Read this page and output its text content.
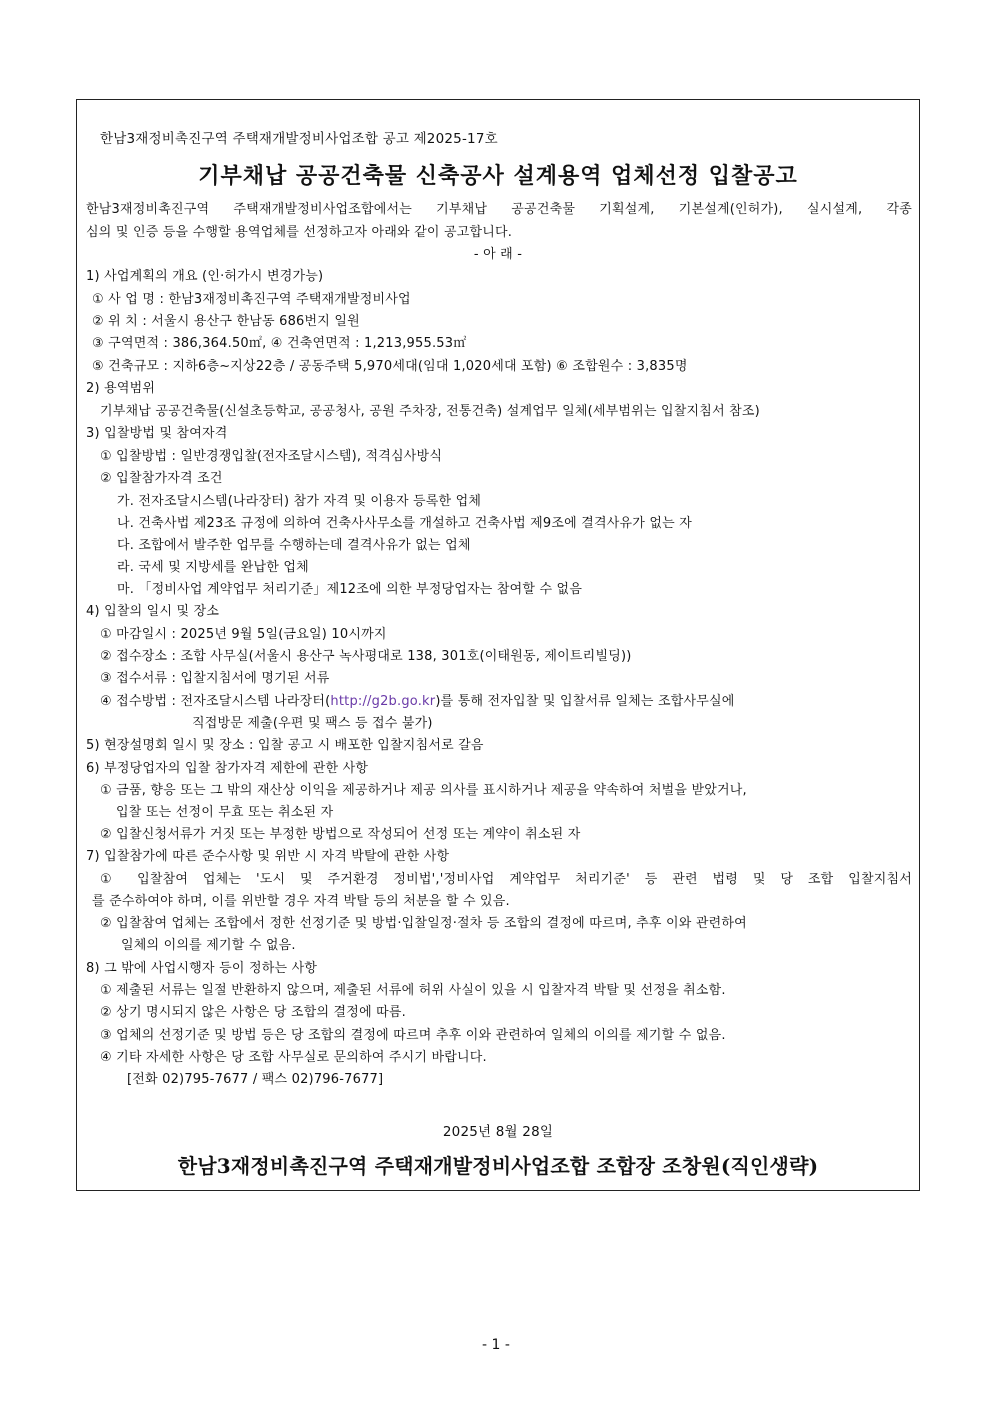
한남3재정비촉진구역 주택재개발정비사업조합 공고 제2025-17호
기부채납 공공건축물 신축공사 설계용역 업체선정 입찰공고
한남3재정비촉진구역 주택재개발정비사업조합에서는 기부채납 공공건축물 기획설계, 기본설계(인허가), 실시설계, 각종
심의 및 인증 등을 수행할 용역업체를 선정하고자 아래와 같이 공고합니다.
- 아 래 -
1) 사업계획의 개요 (인·허가시 변경가능)
① 사 업 명 : 한남3재정비촉진구역 주택재개발정비사업
② 위 치 : 서울시 용산구 한남동 686번지 일원
③ 구역면적 : 386,364.50㎡, ④ 건축연면적 : 1,213,955.53㎡
⑤ 건축규모 : 지하6층~지상22층 / 공동주택 5,970세대(임대 1,020세대 포함) ⑥ 조합원수 : 3,835명
2) 용역범위
기부채납 공공건축물(신설초등학교, 공공청사, 공원 주차장, 전통건축) 설계업무 일체(세부범위는 입찰지침서 참조)
3) 입찰방법 및 참여자격
① 입찰방법 : 일반경쟁입찰(전자조달시스템), 적격심사방식
② 입찰참가자격 조건
가. 전자조달시스템(나라장터) 참가 자격 및 이용자 등록한 업체
나. 건축사법 제23조 규정에 의하여 건축사사무소를 개설하고 건축사법 제9조에 결격사유가 없는 자
다. 조합에서 발주한 업무를 수행하는데 결격사유가 없는 업체
라. 국세 및 지방세를 완납한 업체
마. 「정비사업 계약업무 처리기준」제12조에 의한 부정당업자는 참여할 수 없음
4) 입찰의 일시 및 장소
① 마감일시 : 2025년 9월 5일(금요일) 10시까지
② 접수장소 : 조합 사무실(서울시 용산구 녹사평대로 138, 301호(이태원동, 제이트리빌딩))
③ 접수서류 : 입찰지침서에 명기된 서류
④ 접수방법 : 전자조달시스템 나라장터(http://g2b.go.kr)를 통해 전자입찰 및 입찰서류 일체는 조합사무실에
직접방문 제출(우편 및 팩스 등 접수 불가)
5) 현장설명회 일시 및 장소 : 입찰 공고 시 배포한 입찰지침서로 갈음
6) 부정당업자의 입찰 참가자격 제한에 관한 사항
① 금품, 향응 또는 그 밖의 재산상 이익을 제공하거나 제공 의사를 표시하거나 제공을 약속하여 처벌을 받았거나,
입찰 또는 선정이 무효 또는 취소된 자
② 입찰신청서류가 거짓 또는 부정한 방법으로 작성되어 선정 또는 계약이 취소된 자
7) 입찰참가에 따른 준수사항 및 위반 시 자격 박탈에 관한 사항
① 입찰참여 업체는 '도시 및 주거환경 정비법','정비사업 계약업무 처리기준' 등 관련 법령 및 당 조합 입찰지침서
를 준수하여야 하며, 이를 위반할 경우 자격 박탈 등의 처분을 할 수 있음.
② 입찰참여 업체는 조합에서 정한 선정기준 및 방법·입찰일정·절차 등 조합의 결정에 따르며, 추후 이와 관련하여
일체의 이의를 제기할 수 없음.
8) 그 밖에 사업시행자 등이 정하는 사항
① 제출된 서류는 일절 반환하지 않으며, 제출된 서류에 허위 사실이 있을 시 입찰자격 박탈 및 선정을 취소함.
② 상기 명시되지 않은 사항은 당 조합의 결정에 따름.
③ 업체의 선정기준 및 방법 등은 당 조합의 결정에 따르며 추후 이와 관련하여 일체의 이의를 제기할 수 없음.
④ 기타 자세한 사항은 당 조합 사무실로 문의하여 주시기 바랍니다.
[전화 02)795-7677 / 팩스 02)796-7677]
2025년 8월 28일
한남3재정비촉진구역 주택재개발정비사업조합 조합장 조창원(직인생략)
- 1 -
